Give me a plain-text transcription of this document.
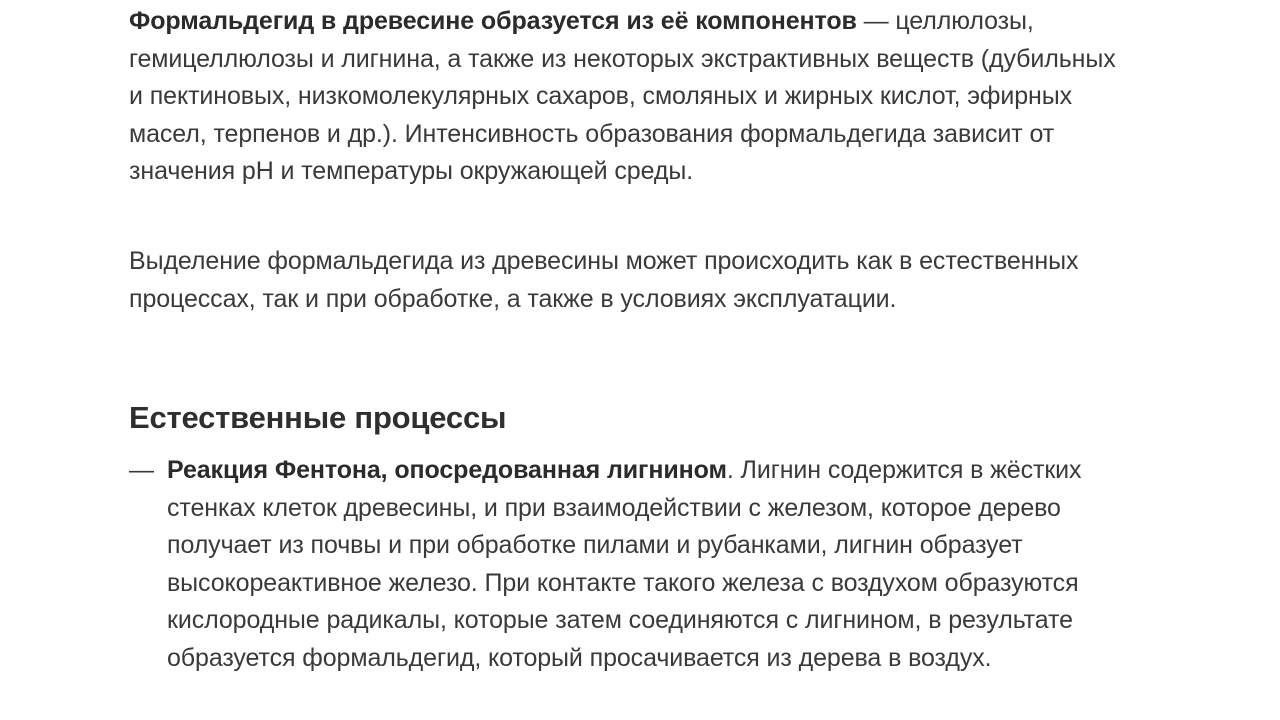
Формальдегид в древесине образуется из её компонентов — целлюлозы, гемицеллюлозы и лигнина, а также из некоторых экстрактивных веществ (дубильных и пектиновых, низкомолекулярных сахаров, смоляных и жирных кислот, эфирных масел, терпенов и др.). Интенсивность образования формальдегида зависит от значения pH и температуры окружающей среды.

Выделение формальдегида из древесины может происходить как в естественных процессах, так и при обработке, а также в условиях эксплуатации.

Естественные процессы
— Реакция Фентона, опосредованная лигнином. Лигнин содержится в жёстких стенках клеток древесины, и при взаимодействии с железом, которое дерево получает из почвы и при обработке пилами и рубанками, лигнин образует высокореактивное железо. При контакте такого железа с воздухом образуются кислородные радикалы, которые затем соединяются с лигнином, в результате образуется формальдегид, который просачивается из дерева в воздух.
